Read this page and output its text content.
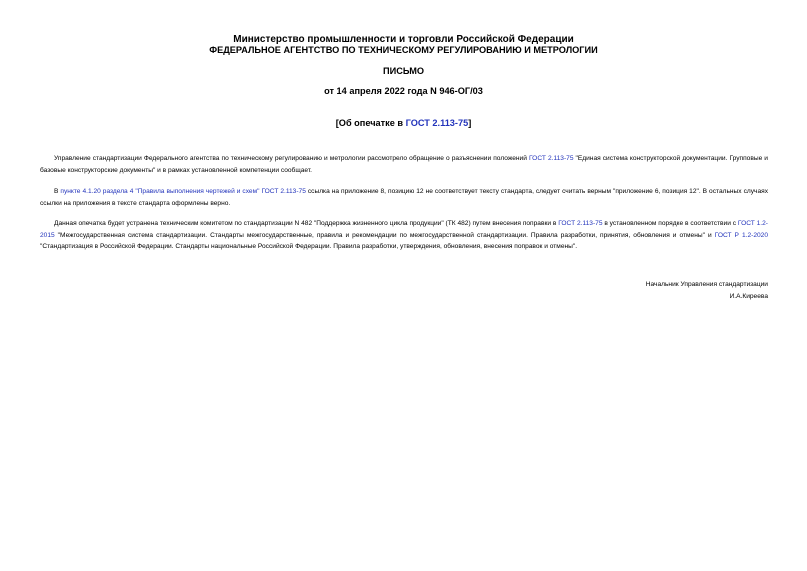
Министерство промышленности и торговли Российской Федерации
ФЕДЕРАЛЬНОЕ АГЕНТСТВО ПО ТЕХНИЧЕСКОМУ РЕГУЛИРОВАНИЮ И МЕТРОЛОГИИ
ПИСЬМО
от 14 апреля 2022 года N 946-ОГ/03
[Об опечатке в ГОСТ 2.113-75]

Управление стандартизации Федерального агентства по техническому регулированию и метрологии рассмотрело обращение о разъяснении положений ГОСТ 2.113-75 "Единая система конструкторской документации. Групповые и базовые конструкторские документы" и в рамках установленной компетенции сообщает.

В пункте 4.1.20 раздела 4 "Правила выполнения чертежей и схем" ГОСТ 2.113-75 ссылка на приложение 8, позицию 12 не соответствует тексту стандарта, следует считать верным "приложение 6, позиция 12". В остальных случаях ссылки на приложения в тексте стандарта оформлены верно.

Данная опечатка будет устранена техническим комитетом по стандартизации N 482 "Поддержка жизненного цикла продукции" (ТК 482) путем внесения поправки в ГОСТ 2.113-75 в установленном порядке в соответствии с ГОСТ 1.2-2015 "Межгосударственная система стандартизации. Стандарты межгосударственные, правила и рекомендации по межгосударственной стандартизации. Правила разработки, принятия, обновления и отмены" и ГОСТ Р 1.2-2020 "Стандартизация в Российской Федерации. Стандарты национальные Российской Федерации. Правила разработки, утверждения, обновления, внесения поправок и отмены".

Начальник Управления стандартизации
И.А.Киреева
